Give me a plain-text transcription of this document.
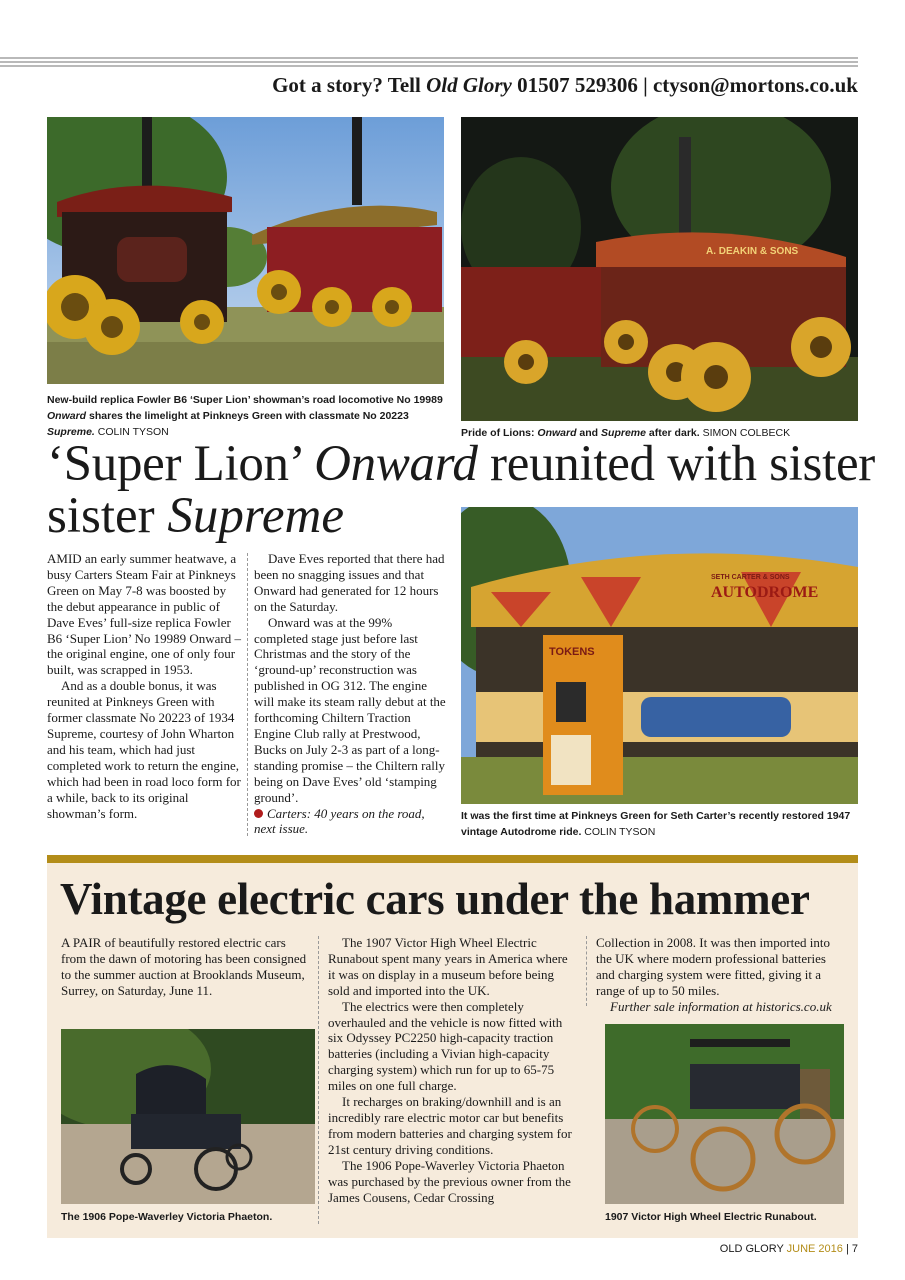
Got a story? Tell Old Glory 01507 529306 | ctyson@mortons.co.uk
New-build replica Fowler B6 ‘Super Lion’ showman’s road locomotive No 19989 Onward shares the limelight at Pinkneys Green with classmate No 20223 Supreme. COLIN TYSON
A. DEAKIN & SONS
Pride of Lions: Onward and Supreme after dark. SIMON COLBECK
‘Super Lion’ Onward reunited with sister
sister Supreme

AMID an early summer heatwave, a busy Carters Steam Fair at Pinkneys Green on May 7-8 was boosted by the debut appearance in public of Dave Eves’ full-size replica Fowler B6 ‘Super Lion’ No 19989 Onward – the original engine, one of only four built, was scrapped in 1953.

And as a double bonus, it was reunited at Pinkneys Green with former classmate No 20223 of 1934 Supreme, courtesy of John Wharton and his team, which had just completed work to return the engine, which had been in road loco form for a while, back to its original showman’s form.

Dave Eves reported that there had been no snagging issues and that Onward had generated for 12 hours on the Saturday.

Onward was at the 99% completed stage just before last Christmas and the story of the ‘ground-up’ reconstruction was published in OG 312. The engine will make its steam rally debut at the forthcoming Chiltern Traction Engine Club rally at Prestwood, Bucks on July 2-3 as part of a long-standing promise – the Chiltern rally being on Dave Eves’ old ‘stamping ground’.

Carters: 40 years on the road, next issue.

SETH CARTER & SONS
AUTODROME
TOKENS
It was the first time at Pinkneys Green for Seth Carter’s recently restored 1947 vintage Autodrome ride. COLIN TYSON
Vintage electric cars under the hammer

A PAIR of beautifully restored electric cars from the dawn of motoring has been consigned to the summer auction at Brooklands Museum, Surrey, on Saturday, June 11.

The 1907 Victor High Wheel Electric Runabout spent many years in America where it was on display in a museum before being sold and imported into the UK.

The electrics were then completely overhauled and the vehicle is now fitted with six Odyssey PC2250 high-capacity traction batteries (including a Vivian high-capacity charging system) which run for up to 65-75 miles on one full charge.

It recharges on braking/downhill and is an incredibly rare electric motor car but benefits from modern batteries and charging system for 21st century driving conditions.

The 1906 Pope-Waverley Victoria Phaeton was purchased by the previous owner from the James Cousens, Cedar Crossing

Collection in 2008. It was then imported into the UK where modern professional batteries and charging system were fitted, giving it a range of up to 50 miles.

Further sale information at historics.co.uk

The 1906 Pope-Waverley Victoria Phaeton.	1907 Victor High Wheel Electric Runabout.
OLD GLORY JUNE 2016 | 7
